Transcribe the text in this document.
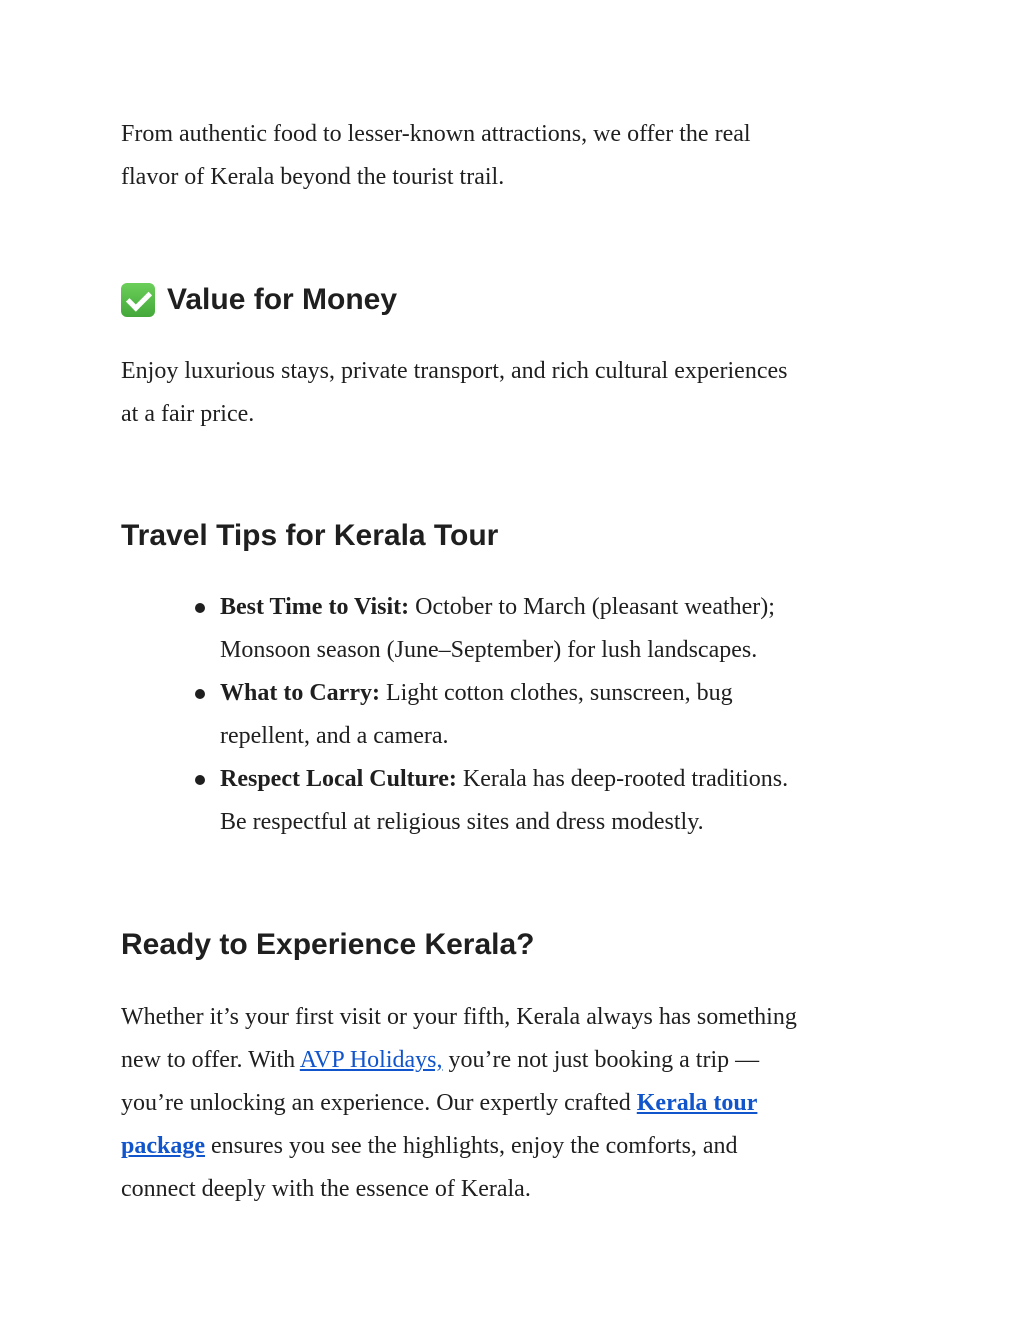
From authentic food to lesser-known attractions, we offer the real
flavor of Kerala beyond the tourist trail.

Value for Money

Enjoy luxurious stays, private transport, and rich cultural experiences
at a fair price.

Travel Tips for Kerala Tour
Best Time to Visit: October to March (pleasant weather);
Monsoon season (June–September) for lush landscapes.
What to Carry: Light cotton clothes, sunscreen, bug
repellent, and a camera.
Respect Local Culture: Kerala has deep-rooted traditions.
Be respectful at religious sites and dress modestly.
Ready to Experience Kerala?

Whether it’s your first visit or your fifth, Kerala always has something
new to offer. With AVP Holidays, you’re not just booking a trip —
you’re unlocking an experience. Our expertly crafted Kerala tour
package ensures you see the highlights, enjoy the comforts, and
connect deeply with the essence of Kerala.
